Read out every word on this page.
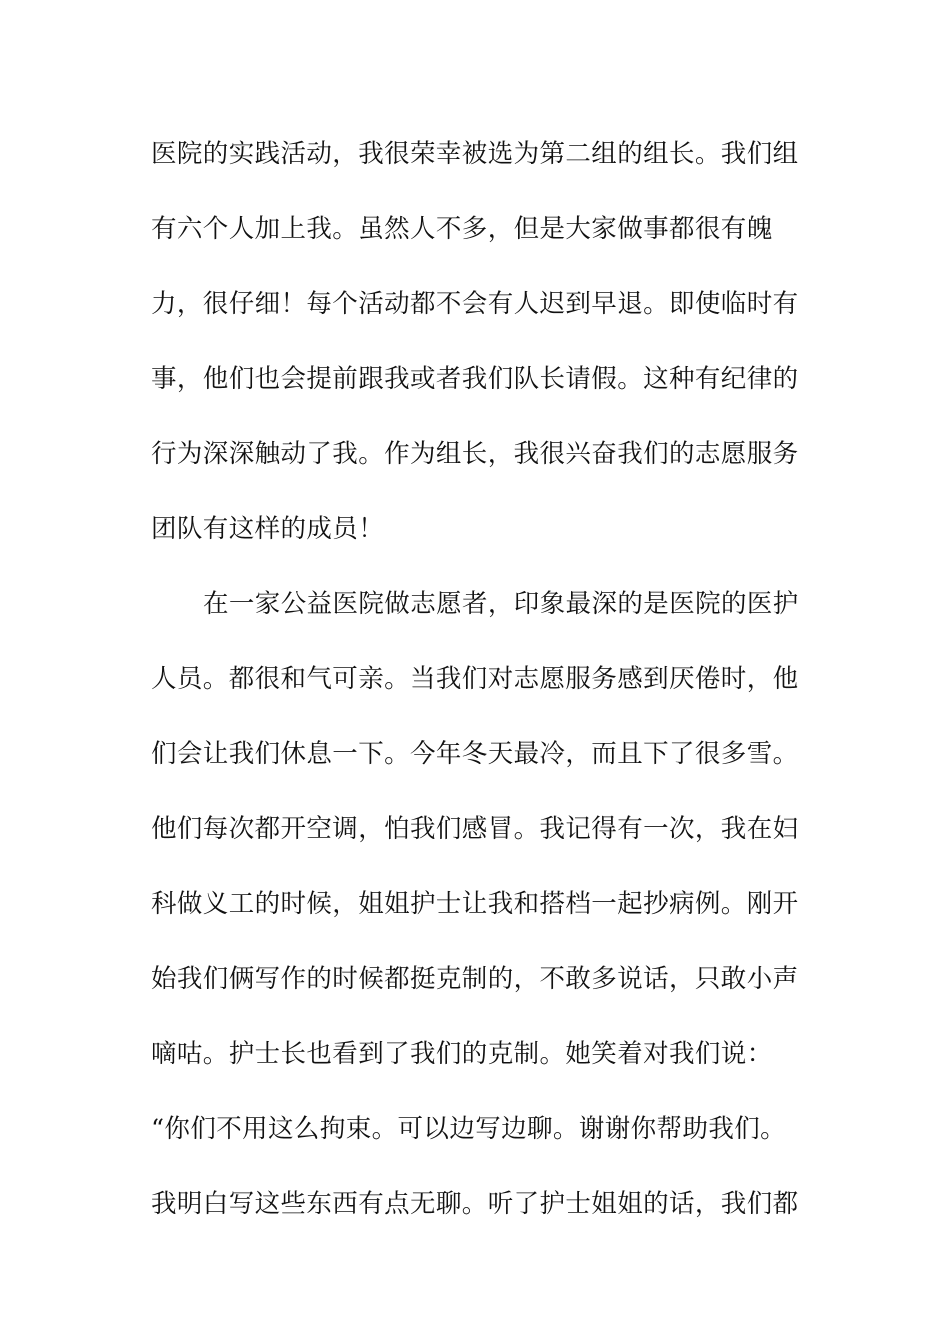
医院的实践活动，我很荣幸被选为第二组的组长。我们组
有六个人加上我。虽然人不多，但是大家做事都很有魄
力，很仔细！每个活动都不会有人迟到早退。即使临时有
事，他们也会提前跟我或者我们队长请假。这种有纪律的
行为深深触动了我。作为组长，我很兴奋我们的志愿服务
团队有这样的成员！
在一家公益医院做志愿者，印象最深的是医院的医护
人员。都很和气可亲。当我们对志愿服务感到厌倦时，他
们会让我们休息一下。今年冬天最冷，而且下了很多雪。
他们每次都开空调，怕我们感冒。我记得有一次，我在妇
科做义工的时候，姐姐护士让我和搭档一起抄病例。刚开
始我们俩写作的时候都挺克制的，不敢多说话，只敢小声
嘀咕。护士长也看到了我们的克制。她笑着对我们说：
“你们不用这么拘束。可以边写边聊。谢谢你帮助我们。
我明白写这些东西有点无聊。听了护士姐姐的话，我们都
